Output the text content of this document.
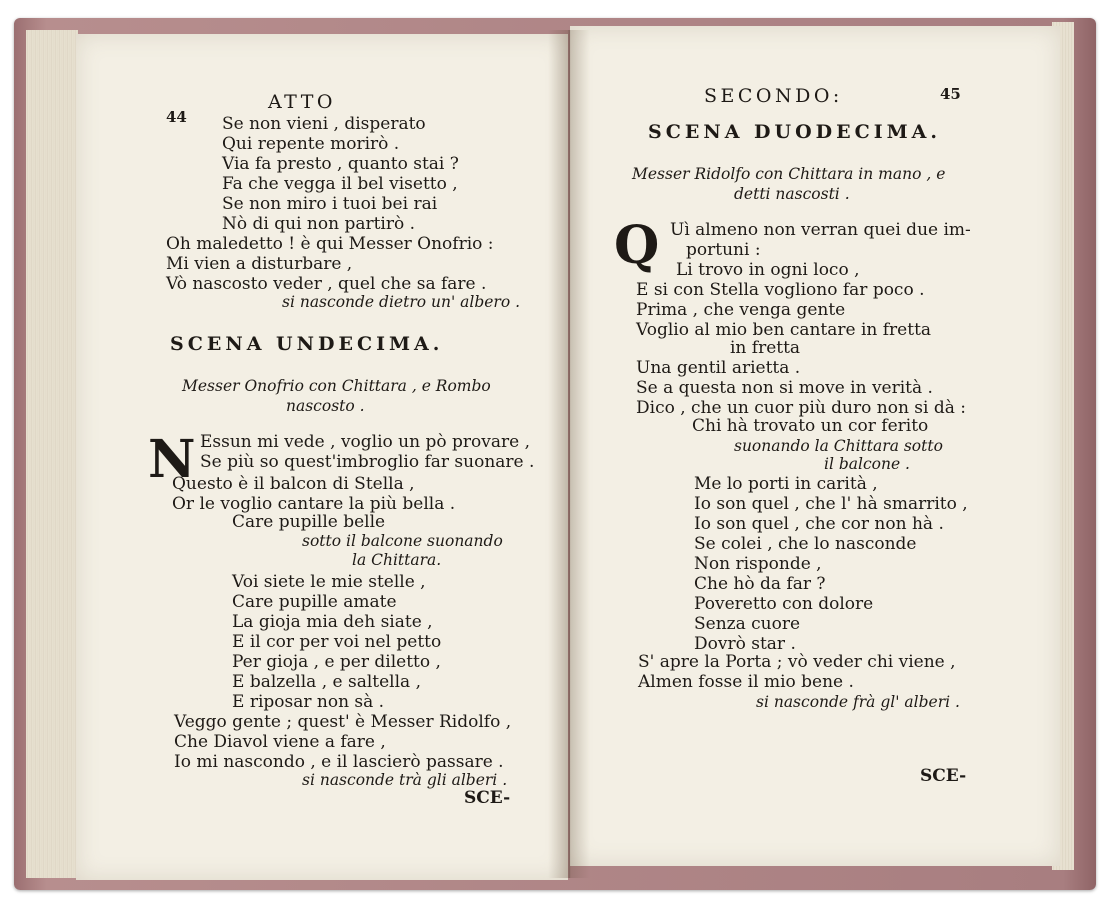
44
ATTO
Se non vieni , disperato
Qui repente morirò .
Via fa presto , quanto stai ?
Fa che vegga il bel visetto ,
Se non miro i tuoi bei rai
Nò di qui non partirò .
Oh maledetto ! è qui Messer Onofrio :
Mi vien a disturbare ,
Vò nascosto veder , quel che sa fare .
si nasconde dietro un' albero .
SCENA UNDECIMA.
Messer Onofrio con Chittara , e Rombo
nascosto .
N Essun mi vede , voglio un pò provare ,
Se più so quest'imbroglio far suonare .
Questo è il balcon di Stella ,
Or le voglio cantare la più bella .
Care pupille belle
sotto il balcone suonando
la Chittara.
Voi siete le mie stelle ,
Care pupille amate
La gioja mia deh siate ,
E il cor per voi nel petto
Per gioja , e per diletto ,
E balzella , e saltella ,
E riposar non sà .
Veggo gente ; quest' è Messer Ridolfo ,
Che Diavol viene a fare ,
Io mi nascondo , e il lascierò passare .
si nasconde trà gli alberi .
SCE-
SECONDO:	45
SCENA DUODECIMA.
Messer Ridolfo con Chittara in mano , e
detti nascosti .
Q Uì almeno non verran quei due im-
portuni :
Li trovo in ogni loco ,
E si con Stella vogliono far poco .
Prima , che venga gente
Voglio al mio ben cantare in fretta
in fretta
Una gentil arietta .
Se a questa non si move in verità .
Dico , che un cuor più duro non si dà :
Chi hà trovato un cor ferito
suonando la Chittara sotto
il balcone .
Me lo porti in carità ,
Io son quel , che l' hà smarrito ,
Io son quel , che cor non hà .
Se colei , che lo nasconde
Non risponde ,
Che hò da far ?
Poveretto con dolore
Senza cuore
Dovrò star .
S' apre la Porta ; vò veder chi viene ,
Almen fosse il mio bene .
si nasconde frà gl' alberi .
SCE-
